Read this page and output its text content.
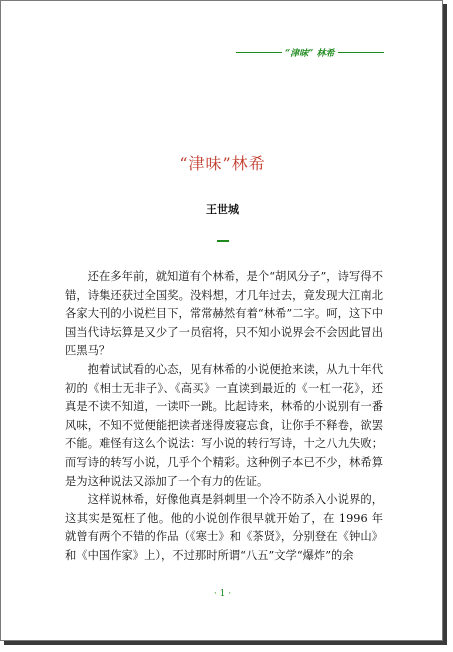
“津味” 林希
“津味”林希
王世城

还在多年前，就知道有个林希，是个“胡风分子”，诗写得不错，诗集还获过全国奖。没料想，才几年过去，竟发现大江南北各家大刊的小说栏目下，常常赫然有着“林希”二字。呵，这下中国当代诗坛算是又少了一员宿将，只不知小说界会不会因此冒出匹黑马？

抱着试试看的心态，见有林希的小说便抢来读，从九十年代初的《相士无非子》、《高买》一直读到最近的《一杠一花》，还真是不读不知道，一读吓一跳。比起诗来，林希的小说别有一番风味，不知不觉便能把读者迷得废寝忘食，让你手不释卷，欲罢不能。难怪有这么个说法：写小说的转行写诗，十之八九失败；而写诗的转写小说，几乎个个精彩。这种例子本已不少，林希算是为这种说法又添加了一个有力的佐证。

这样说林希，好像他真是斜刺里一个冷不防杀入小说界的，这其实是冤枉了他。他的小说创作很早就开始了，在 1996 年就曾有两个不错的作品（《寒士》和《茶贤》，分别登在《钟山》和《中国作家》上），不过那时所谓“八五”文学“爆炸”的余

· 1 ·
